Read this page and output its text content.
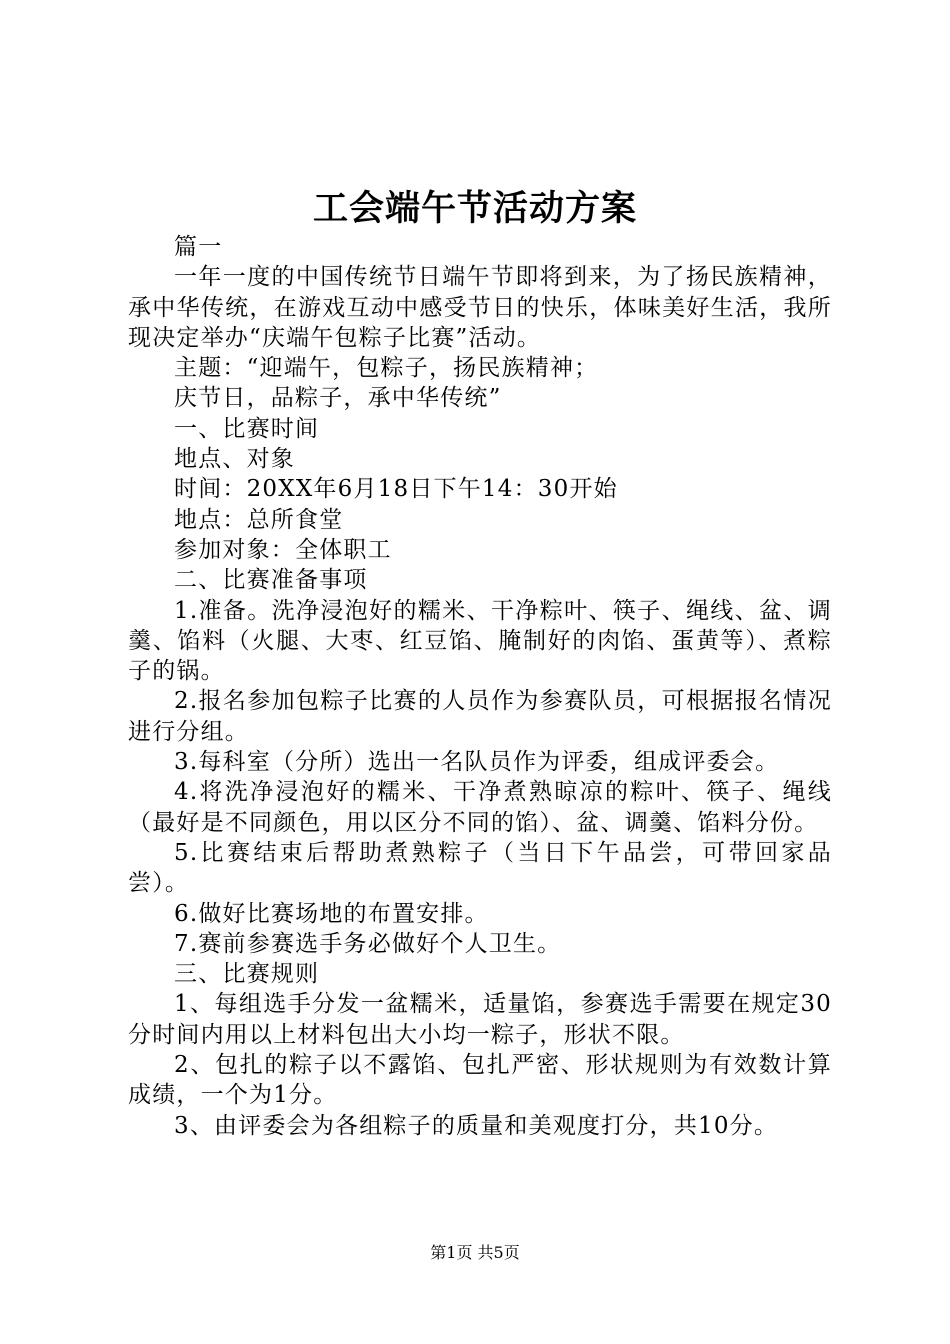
工会端午节活动方案

篇一

一年一度的中国传统节日端午节即将到来，为了扬民族精神，承中华传统，在游戏互动中感受节日的快乐，体味美好生活，我所现决定举办“庆端午包粽子比赛”活动。

主题：“迎端午，包粽子，扬民族精神；

庆节日，品粽子，承中华传统”

一、比赛时间

地点、对象

时间：20XX年6月18日下午14：30开始

地点：总所食堂

参加对象：全体职工

二、比赛准备事项

1.准备。洗净浸泡好的糯米、干净粽叶、筷子、绳线、盆、调羹、馅料（火腿、大枣、红豆馅、腌制好的肉馅、蛋黄等）、煮粽子的锅。

2.报名参加包粽子比赛的人员作为参赛队员，可根据报名情况进行分组。

3.每科室（分所）选出一名队员作为评委，组成评委会。

4.将洗净浸泡好的糯米、干净煮熟晾凉的粽叶、筷子、绳线（最好是不同颜色，用以区分不同的馅）、盆、调羹、馅料分份。

5.比赛结束后帮助煮熟粽子（当日下午品尝，可带回家品尝）。

6.做好比赛场地的布置安排。

7.赛前参赛选手务必做好个人卫生。

三、比赛规则

1、每组选手分发一盆糯米，适量馅，参赛选手需要在规定30分时间内用以上材料包出大小均一粽子，形状不限。

2、包扎的粽子以不露馅、包扎严密、形状规则为有效数计算成绩，一个为1分。

3、由评委会为各组粽子的质量和美观度打分，共10分。

第1页 共5页
